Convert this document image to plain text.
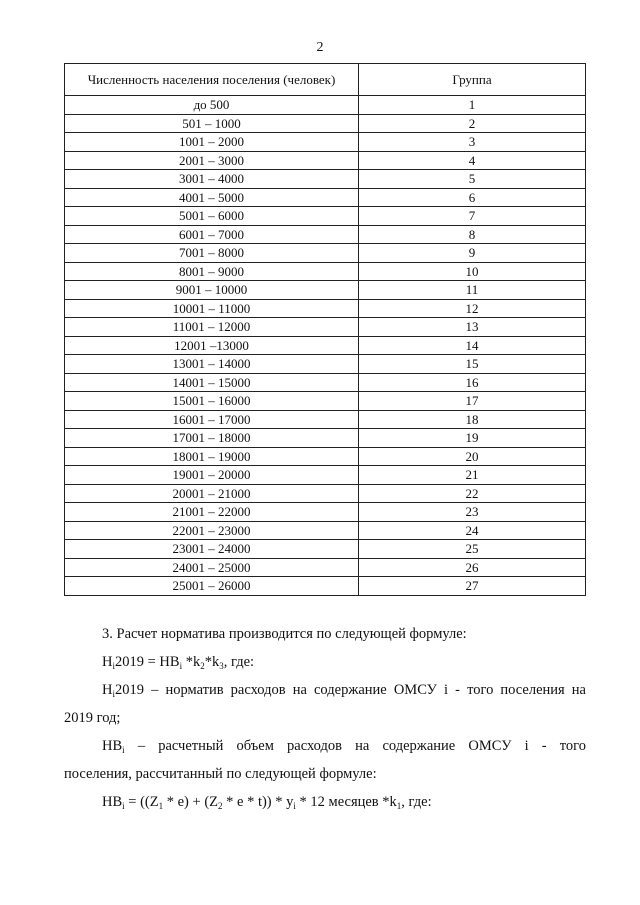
2
Численность населения поселения (человек)	Группа
до 500	1
501 – 1000	2
1001 – 2000	3
2001 – 3000	4
3001 – 4000	5
4001 – 5000	6
5001 – 6000	7
6001 – 7000	8
7001 – 8000	9
8001 – 9000	10
9001 – 10000	11
10001 – 11000	12
11001 – 12000	13
12001 –13000	14
13001 – 14000	15
14001 – 15000	16
15001 – 16000	17
16001 – 17000	18
17001 – 18000	19
18001 – 19000	20
19001 – 20000	21
20001 – 21000	22
21001 – 22000	23
22001 – 23000	24
23001 – 24000	25
24001 – 25000	26
25001 – 26000	27

3. Расчет норматива производится по следующей формуле:

$Н_i2019 = НВ_i$ $*k_2*k_3$, где:

$Н_i2019$ – норматив расходов на содержание ОМСУ i - того поселения на

2019 год;

$НВ_i$ – расчетный объем расходов на содержание ОМСУ i - того

поселения, рассчитанный по следующей формуле:

$НВ_i = ((Z_1 * e) + (Z_2 * e * t)) * y_i * 12$ месяцев $*k_1$, где:
